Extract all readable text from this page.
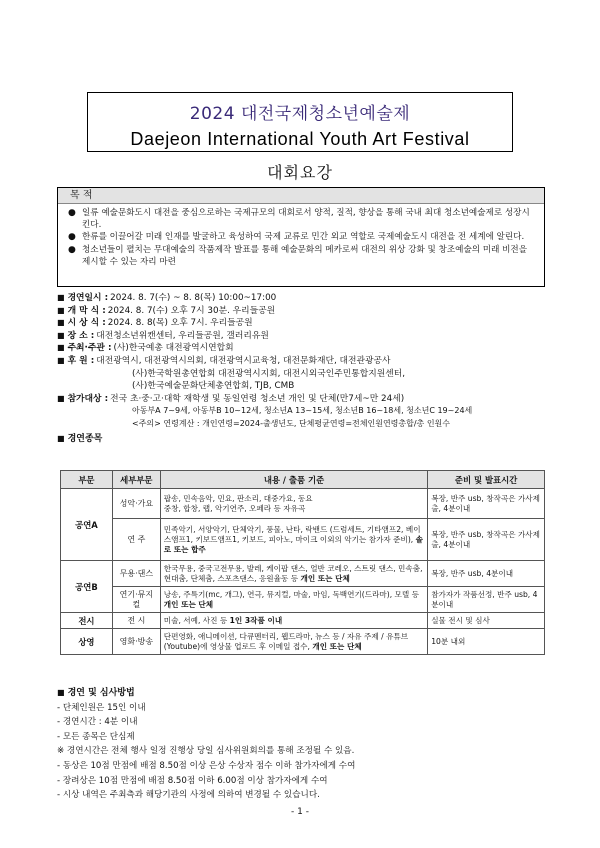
2024 대전국제청소년예술제
Daejeon International Youth Art Festival
대회요강
목 적
● 일류 예술문화도시 대전을 중심으로하는 국제규모의 대회로서 양적, 질적, 향상을 통해 국내 최대 청소년예술제로 성장시킨다.
● 한류를 이끌어갈 미래 인재를 발굴하고 육성하여 국제 교류로 민간 외교 역할로 국제예술도시 대전을 전 세계에 알린다.
● 청소년들이 펼치는 무대예술의 작품제작 발표를 통해 예술문화의 메카로써 대전의 위상 강화 및 창조예술의 미래 비전을 제시할 수 있는 자리 마련
■ 경연일시 : 2024. 8. 7(수) ~ 8. 8(목) 10:00~17:00
■ 개 막 식 : 2024. 8. 7(수) 오후 7시 30분. 우리들공원
■ 시 상 식 : 2024. 8. 8(목) 오후 7시. 우리들공원
■ 장 소 : 대전청소년위캔센터, 우리들공원, 갤러리유원
■ 주최·주관 : (사)한국예총 대전광역시연합회
■ 후 원 : 대전광역시, 대전광역시의회, 대전광역시교육청, 대전문화재단, 대전관광공사
(사)한국학원총연합회 대전광역시지회, 대전시외국인주민통합지원센터,
(사)한국예술문화단체총연합회, TJB, CMB
■ 참가대상 : 전국 초·중·고·대학 재학생 및 동일연령 청소년 개인 및 단체(만7세~만 24세)
아동부A 7~9세, 아동부B 10~12세, 청소년A 13~15세, 청소년B 16~18세, 청소년C 19~24세
<주의> 연령계산 : 개인연령=2024-출생년도, 단체평균연령=전체인원연령총합/총 인원수
■ 경연종목
부문	세부부문	내용 / 출품 기준	준비 및 발표시간
공연A	성악·가요	팝송, 민속음악, 민요, 판소리, 대중가요, 동요
중창, 합창, 랩, 악기연주, 오페라 등 자유곡	복장, 반주 usb, 창작곡은 가사제출, 4분이내
	연 주	민족악기, 서양악기, 단체악기, 풍물, 난타, 락밴드 (드럼세트, 기타앰프2, 베이스앰프1, 키보드앰프1, 키보드, 피아노, 마이크 이외의 악기는 참가자 준비), 솔로 또는 합주	복장, 반주 usb, 창작곡은 가사제출, 4분이내
공연B	무용·댄스	한국무용, 중국고전무용, 발레, 케이팝 댄스, 얼반 코레오, 스트릿 댄스, 민속춤, 현대춤, 단체춤, 스포츠댄스, 응원율동 등 개인 또는 단체	복장, 반주 usb, 4분이내
	연기·뮤지컬	낭송, 주특기(mc, 개그), 연극, 뮤지컬, 마술, 마임, 독백연기(드라마), 모델 등 개인 또는 단체	참가자가 작품선정, 반주 usb, 4분이내
전시	전 시	미술, 서예, 사진 등 1인 3작품 이내	실물 전시 및 심사
상영	영화·방송	단편영화, 애니메이션, 다큐멘터리, 웹드라마, 뉴스 등 / 자유 주제 / 유튜브 (Youtube)에 영상물 업로드 후 이메일 접수, 개인 또는 단체	10분 내외
■ 경연 및 심사방법
- 단체인원은 15인 이내
- 경연시간 : 4분 이내
- 모든 종목은 단심제
※ 경연시간은 전체 행사 일정 진행상 당일 심사위원회의를 통해 조정될 수 있음.
- 동상은 10점 만점에 배점 8.50점 이상 은상 수상자 점수 이하 참가자에게 수여
- 장려상은 10점 만점에 배점 8.50점 이하 6.00점 이상 참가자에게 수여
- 시상 내역은 주최측과 해당기관의 사정에 의하여 변경될 수 있습니다.
- 1 -
